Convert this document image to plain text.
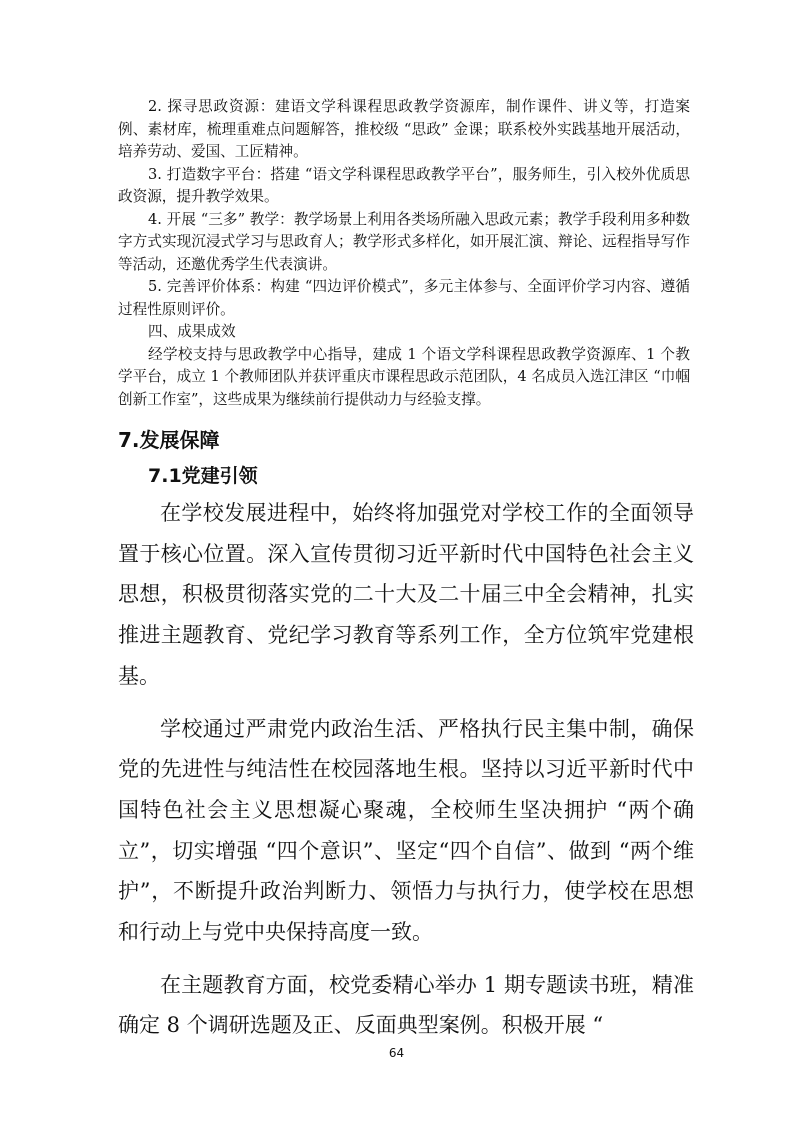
2. 探寻思政资源：建语文学科课程思政教学资源库，制作课件、讲义等，打造案例、素材库，梳理重难点问题解答，推校级 “思政” 金课；联系校外实践基地开展活动，培养劳动、爱国、工匠精神。

3. 打造数字平台：搭建 “语文学科课程思政教学平台”，服务师生，引入校外优质思政资源，提升教学效果。

4. 开展 “三多” 教学：教学场景上利用各类场所融入思政元素；教学手段利用多种数字方式实现沉浸式学习与思政育人；教学形式多样化，如开展汇演、辩论、远程指导写作等活动，还邀优秀学生代表演讲。

5. 完善评价体系：构建 “四边评价模式”，多元主体参与、全面评价学习内容、遵循过程性原则评价。

四、成果成效

经学校支持与思政教学中心指导，建成 1 个语文学科课程思政教学资源库、1 个教学平台，成立 1 个教师团队并获评重庆市课程思政示范团队，4 名成员入选江津区 “巾帼创新工作室”，这些成果为继续前行提供动力与经验支撑。

7.发展保障
7.1党建引领

在学校发展进程中，始终将加强党对学校工作的全面领导置于核心位置。深入宣传贯彻习近平新时代中国特色社会主义思想，积极贯彻落实党的二十大及二十届三中全会精神，扎实推进主题教育、党纪学习教育等系列工作，全方位筑牢党建根基。

学校通过严肃党内政治生活、严格执行民主集中制，确保党的先进性与纯洁性在校园落地生根。坚持以习近平新时代中国特色社会主义思想凝心聚魂，全校师生坚决拥护 “两个确立”，切实增强 “四个意识”、坚定“四个自信”、做到 “两个维护”，不断提升政治判断力、领悟力与执行力，使学校在思想和行动上与党中央保持高度一致。

在主题教育方面，校党委精心举办 1 期专题读书班，精准确定 8 个调研选题及正、反面典型案例。积极开展 “

64
